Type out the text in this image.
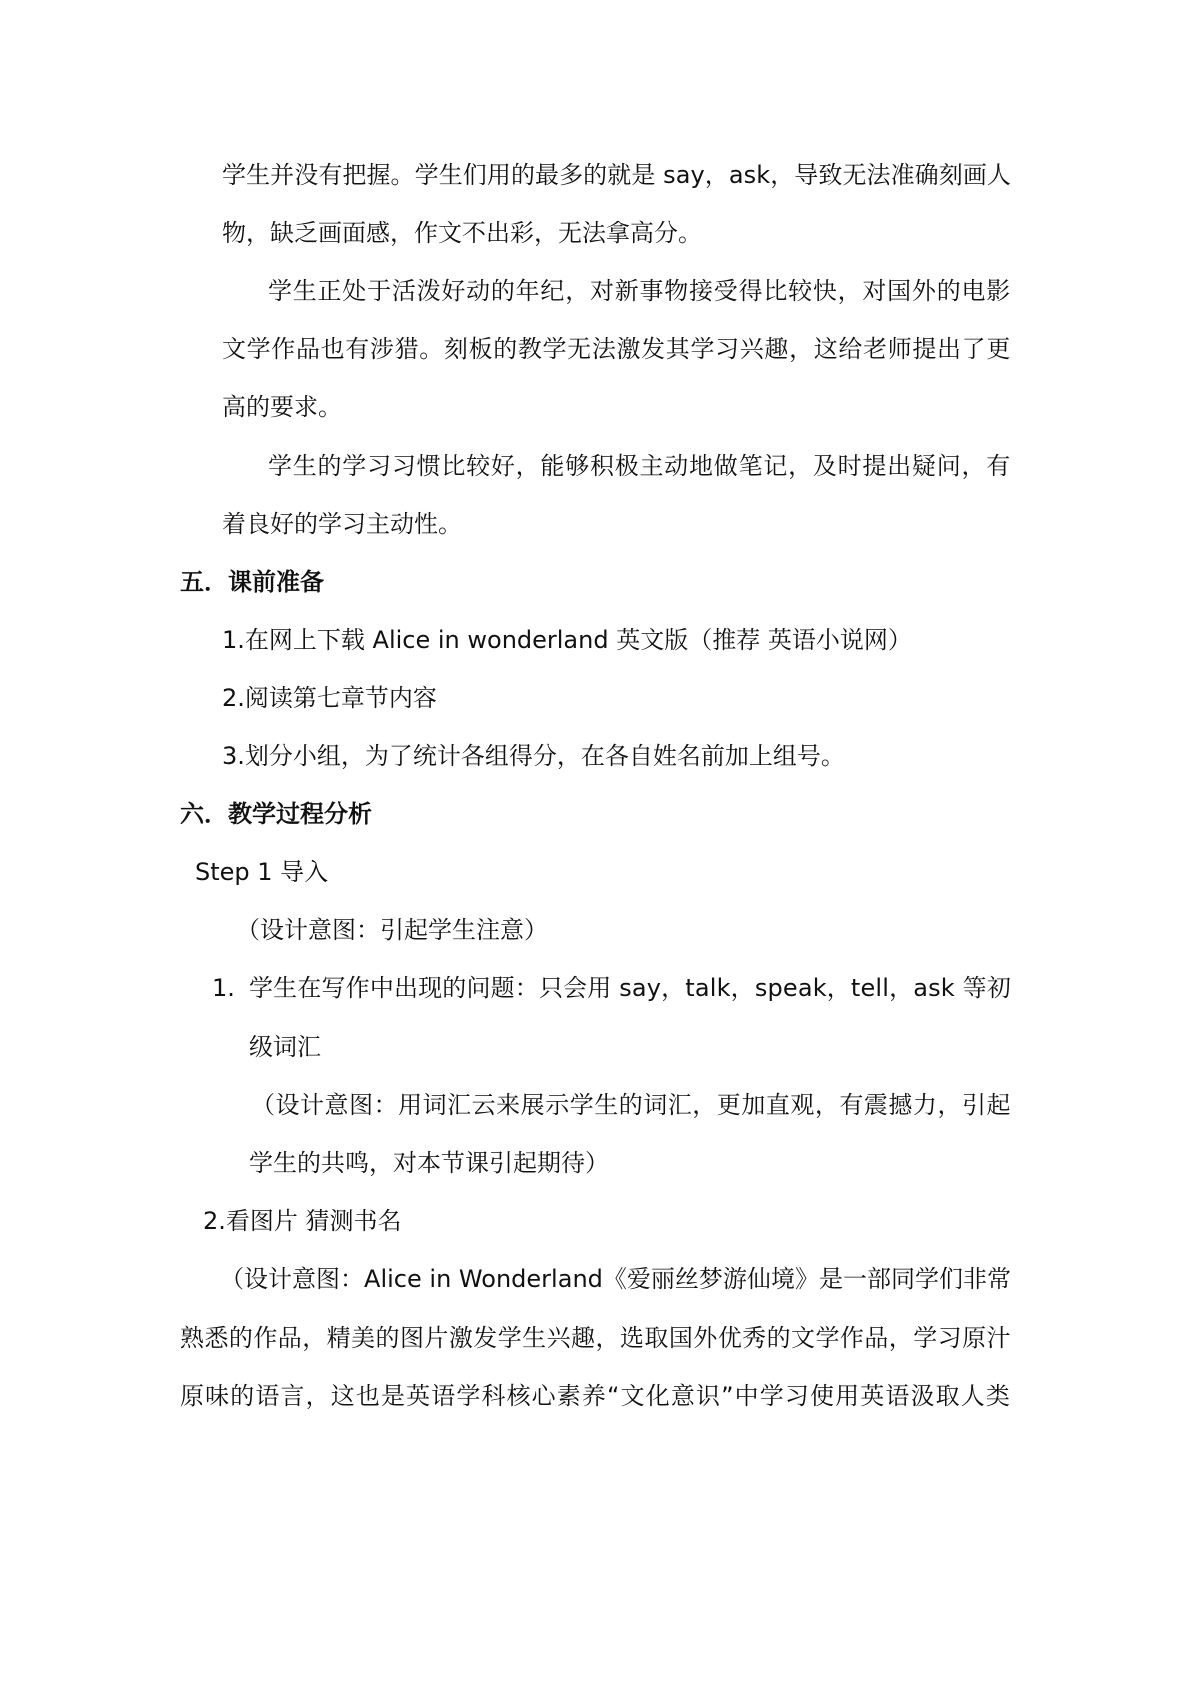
学生并没有把握。学生们用的最多的就是 say，ask，导致无法准确刻画人

物，缺乏画面感，作文不出彩，无法拿高分。

学生正处于活泼好动的年纪，对新事物接受得比较快，对国外的电影

文学作品也有涉猎。刻板的教学无法激发其学习兴趣，这给老师提出了更

高的要求。

学生的学习习惯比较好，能够积极主动地做笔记，及时提出疑问，有

着良好的学习主动性。

五．课前准备

1.在网上下载 Alice in wonderland 英文版（推荐 英语小说网）

2.阅读第七章节内容

3.划分小组，为了统计各组得分，在各自姓名前加上组号。

六．教学过程分析

Step 1 导入

（设计意图：引起学生注意）

1. 学生在写作中出现的问题：只会用 say，talk，speak，tell，ask 等初

级词汇

（设计意图：用词汇云来展示学生的词汇，更加直观，有震撼力，引起

学生的共鸣，对本节课引起期待）

2.看图片 猜测书名

（设计意图：Alice in Wonderland《爱丽丝梦游仙境》是一部同学们非常

熟悉的作品，精美的图片激发学生兴趣，选取国外优秀的文学作品，学习原汁

原味的语言，这也是英语学科核心素养“文化意识”中学习使用英语汲取人类
